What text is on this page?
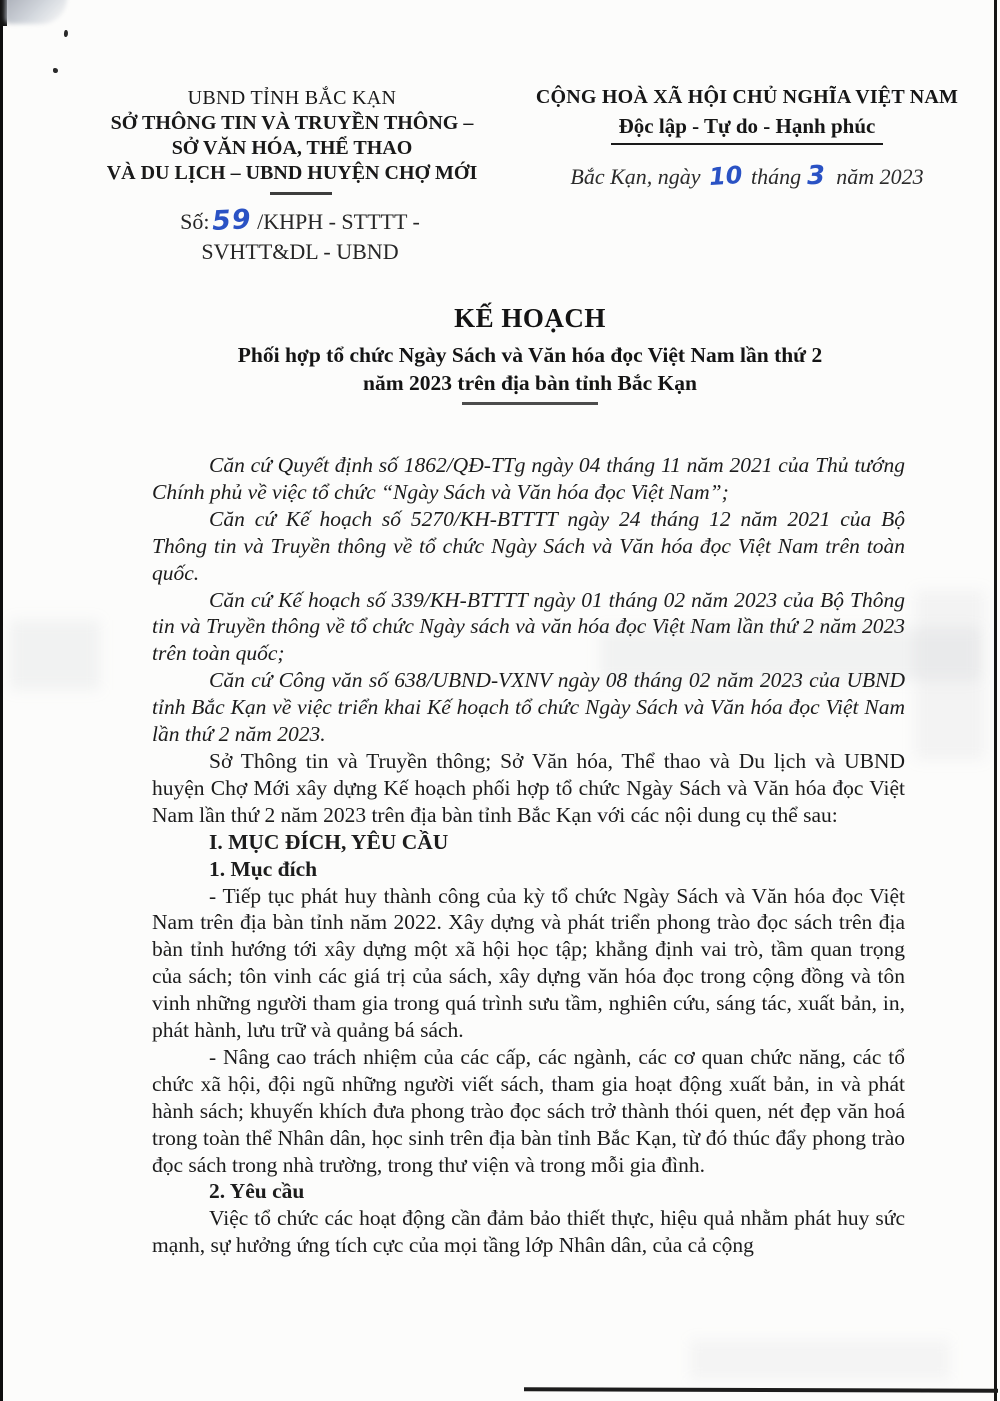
UBND TỈNH BẮC KẠN
SỞ THÔNG TIN VÀ TRUYỀN THÔNG –
SỞ VĂN HÓA, THỂ THAO
VÀ DU LỊCH – UBND HUYỆN CHỢ MỚI
Số:59 /KHPH - STTTT -
SVHTT&DL - UBND
CỘNG HOÀ XÃ HỘI CHỦ NGHĨA VIỆT NAM
Độc lập - Tự do - Hạnh phúc
Bắc Kạn, ngày 10 tháng 3 năm 2023
KẾ HOẠCH
Phối hợp tổ chức Ngày Sách và Văn hóa đọc Việt Nam lần thứ 2
năm 2023 trên địa bàn tỉnh Bắc Kạn

Căn cứ Quyết định số 1862/QĐ-TTg ngày 04 tháng 11 năm 2021 của Thủ tướng Chính phủ về việc tổ chức “Ngày Sách và Văn hóa đọc Việt Nam”;

Căn cứ Kế hoạch số 5270/KH-BTTTT ngày 24 tháng 12 năm 2021 của Bộ Thông tin và Truyền thông về tổ chức Ngày Sách và Văn hóa đọc Việt Nam trên toàn quốc.

Căn cứ Kế hoạch số 339/KH-BTTTT ngày 01 tháng 02 năm 2023 của Bộ Thông tin và Truyền thông về tổ chức Ngày sách và văn hóa đọc Việt Nam lần thứ 2 năm 2023 trên toàn quốc;

Căn cứ Công văn số 638/UBND-VXNV ngày 08 tháng 02 năm 2023 của UBND tỉnh Bắc Kạn về việc triển khai Kế hoạch tổ chức Ngày Sách và Văn hóa đọc Việt Nam lần thứ 2 năm 2023.

Sở Thông tin và Truyền thông; Sở Văn hóa, Thể thao và Du lịch và UBND huyện Chợ Mới xây dựng Kế hoạch phối hợp tổ chức Ngày Sách và Văn hóa đọc Việt Nam lần thứ 2 năm 2023 trên địa bàn tỉnh Bắc Kạn với các nội dung cụ thể sau:

I. MỤC ĐÍCH, YÊU CẦU

1. Mục đích

- Tiếp tục phát huy thành công của kỳ tổ chức Ngày Sách và Văn hóa đọc Việt Nam trên địa bàn tỉnh năm 2022. Xây dựng và phát triển phong trào đọc sách trên địa bàn tỉnh hướng tới xây dựng một xã hội học tập; khẳng định vai trò, tầm quan trọng của sách; tôn vinh các giá trị của sách, xây dựng văn hóa đọc trong cộng đồng và tôn vinh những người tham gia trong quá trình sưu tầm, nghiên cứu, sáng tác, xuất bản, in, phát hành, lưu trữ và quảng bá sách.

- Nâng cao trách nhiệm của các cấp, các ngành, các cơ quan chức năng, các tổ chức xã hội, đội ngũ những người viết sách, tham gia hoạt động xuất bản, in và phát hành sách; khuyến khích đưa phong trào đọc sách trở thành thói quen, nét đẹp văn hoá trong toàn thể Nhân dân, học sinh trên địa bàn tỉnh Bắc Kạn, từ đó thúc đẩy phong trào đọc sách trong nhà trường, trong thư viện và trong mỗi gia đình.

2. Yêu cầu

Việc tổ chức các hoạt động cần đảm bảo thiết thực, hiệu quả nhằm phát huy sức mạnh, sự hưởng ứng tích cực của mọi tầng lớp Nhân dân, của cả cộng
